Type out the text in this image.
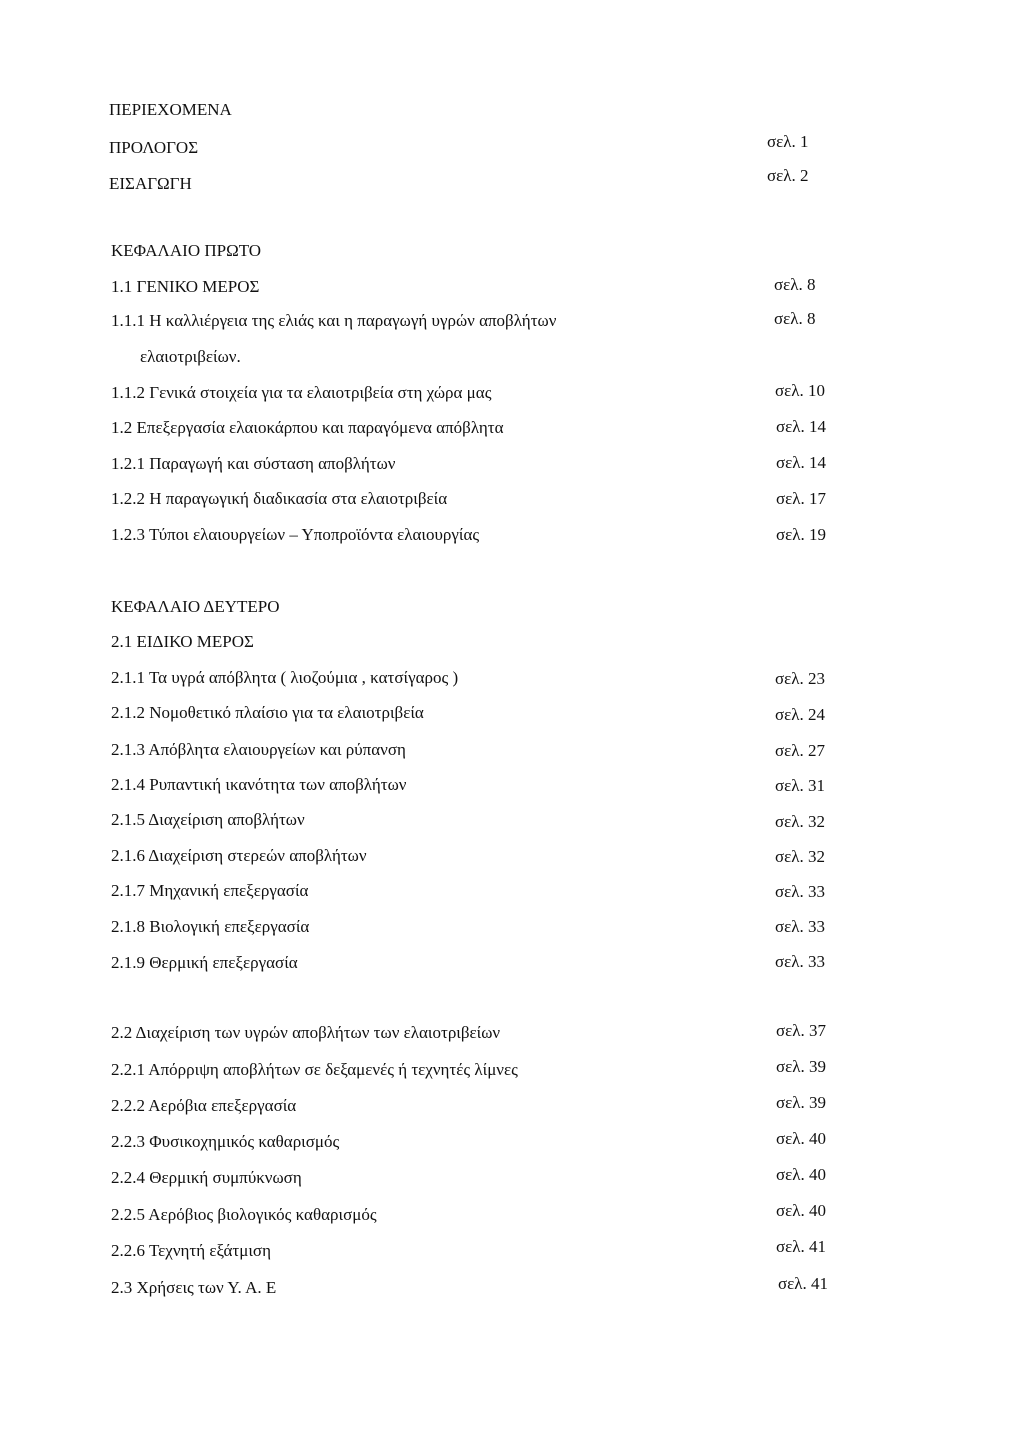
ΠΕΡΙΕΧΟΜΕΝΑ
ΠΡΟΛΟΓΟΣ	σελ. 1
ΕΙΣΑΓΩΓΗ	σελ. 2
ΚΕΦΑΛΑΙΟ ΠΡΩΤΟ
1.1 ΓΕΝΙΚΟ ΜΕΡΟΣ	σελ. 8
1.1.1 Η καλλιέργεια της ελιάς και η παραγωγή υγρών αποβλήτων	σελ. 8
ελαιοτριβείων.
1.1.2 Γενικά στοιχεία για τα ελαιοτριβεία στη χώρα μας	σελ. 10
1.2 Επεξεργασία ελαιοκάρπου και παραγόμενα απόβλητα	σελ. 14
1.2.1 Παραγωγή και σύσταση αποβλήτων	σελ. 14
1.2.2 Η παραγωγική διαδικασία στα ελαιοτριβεία	σελ. 17
1.2.3 Τύποι ελαιουργείων – Υποπροϊόντα ελαιουργίας	σελ. 19
ΚΕΦΑΛΑΙΟ ΔΕΥΤΕΡΟ
2.1 ΕΙΔΙΚΟ ΜΕΡΟΣ
2.1.1 Τα υγρά απόβλητα ( λιοζούμια , κατσίγαρος )	σελ. 23
2.1.2 Νομοθετικό πλαίσιο για τα ελαιοτριβεία	σελ. 24
2.1.3 Απόβλητα ελαιουργείων και ρύπανση	σελ. 27
2.1.4 Ρυπαντική ικανότητα των αποβλήτων	σελ. 31
2.1.5 Διαχείριση αποβλήτων	σελ. 32
2.1.6 Διαχείριση στερεών αποβλήτων	σελ. 32
2.1.7 Μηχανική επεξεργασία	σελ. 33
2.1.8 Βιολογική επεξεργασία	σελ. 33
2.1.9 Θερμική επεξεργασία	σελ. 33
2.2 Διαχείριση των υγρών αποβλήτων των ελαιοτριβείων	σελ. 37
2.2.1 Απόρριψη αποβλήτων σε δεξαμενές ή τεχνητές λίμνες	σελ. 39
2.2.2 Αερόβια επεξεργασία	σελ. 39
2.2.3 Φυσικοχημικός καθαρισμός	σελ. 40
2.2.4 Θερμική συμπύκνωση	σελ. 40
2.2.5 Αερόβιος βιολογικός καθαρισμός	σελ. 40
2.2.6 Τεχνητή εξάτμιση	σελ. 41
2.3 Χρήσεις των Υ. Α. Ε	σελ. 41
